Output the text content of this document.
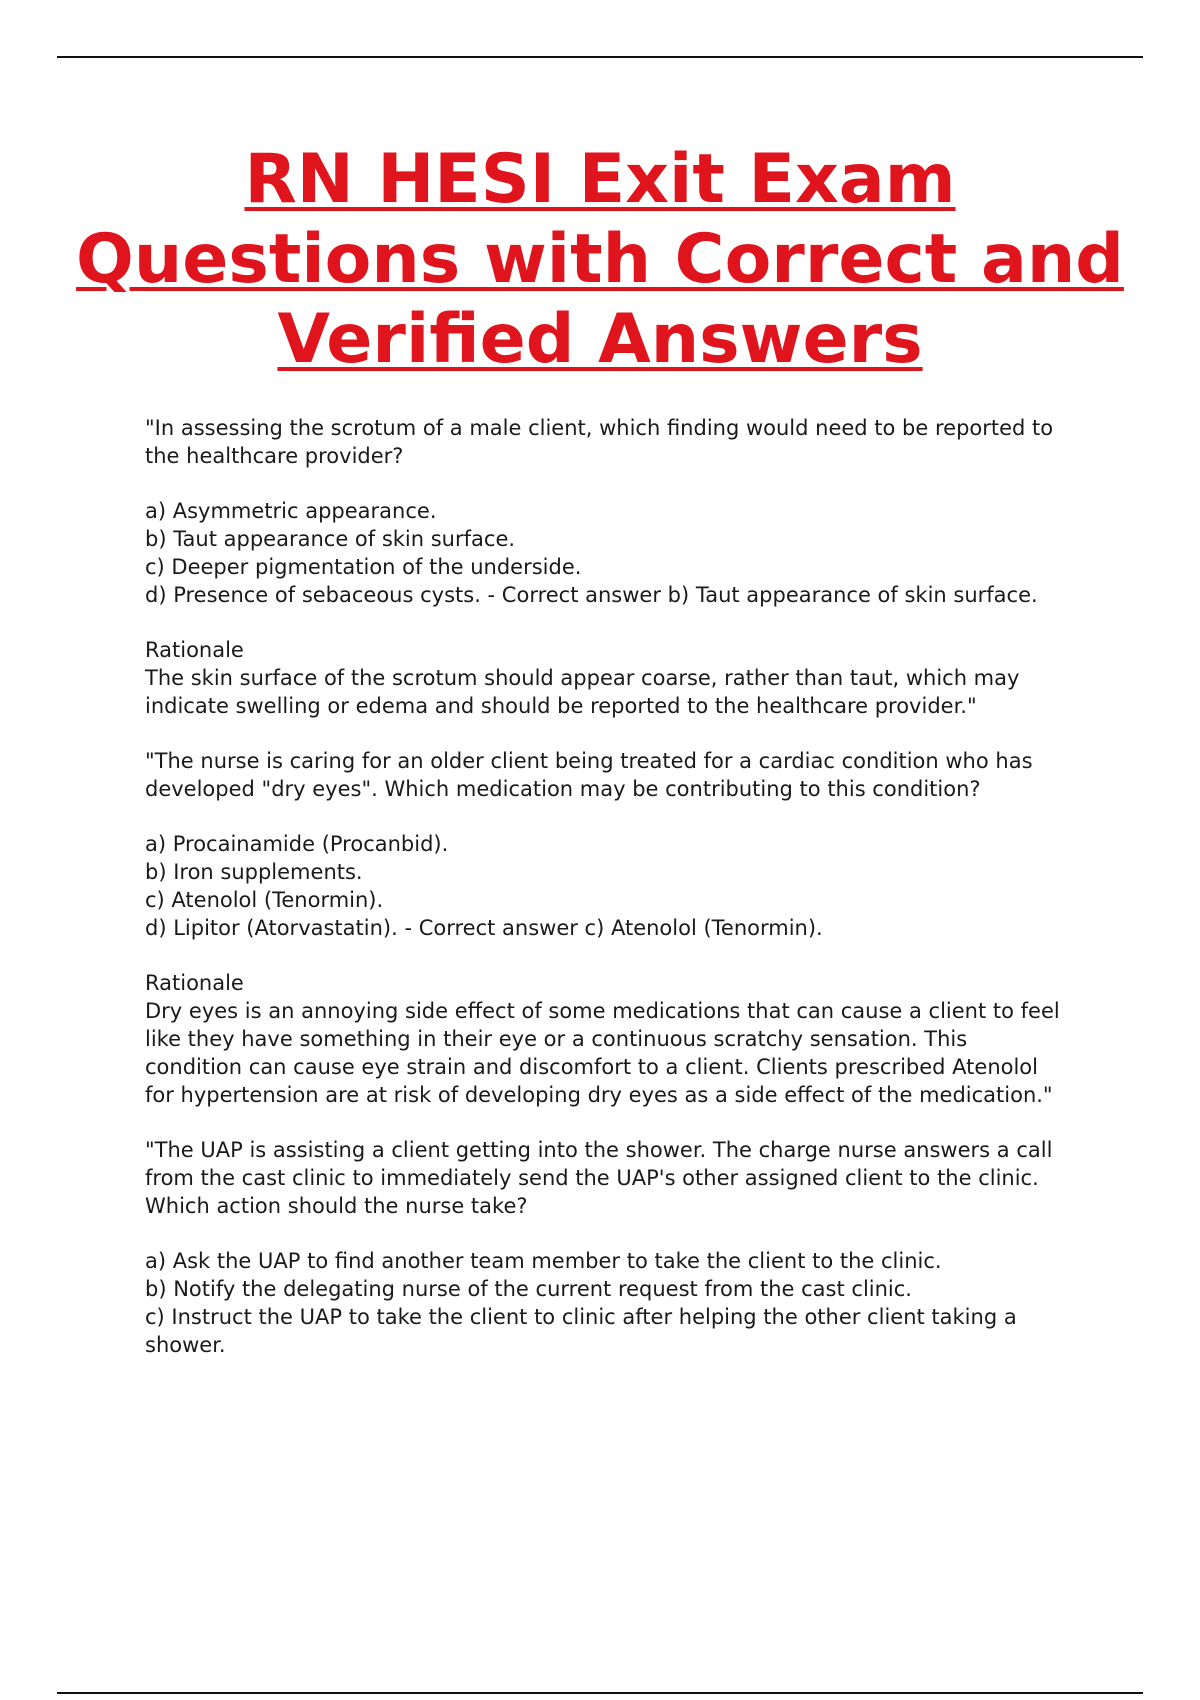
RN HESI Exit Exam Questions with Correct and Verified Answers

"In assessing the scrotum of a male client, which finding would need to be reported to the healthcare provider?

a) Asymmetric appearance.

b) Taut appearance of skin surface.

c) Deeper pigmentation of the underside.

d) Presence of sebaceous cysts. - Correct answer b) Taut appearance of skin surface.

Rationale

The skin surface of the scrotum should appear coarse, rather than taut, which may indicate swelling or edema and should be reported to the healthcare provider."

"The nurse is caring for an older client being treated for a cardiac condition who has developed "dry eyes". Which medication may be contributing to this condition?

a) Procainamide (Procanbid).

b) Iron supplements.

c) Atenolol (Tenormin).

d) Lipitor (Atorvastatin). - Correct answer c) Atenolol (Tenormin).

Rationale

Dry eyes is an annoying side effect of some medications that can cause a client to feel like they have something in their eye or a continuous scratchy sensation. This condition can cause eye strain and discomfort to a client. Clients prescribed Atenolol for hypertension are at risk of developing dry eyes as a side effect of the medication."

"The UAP is assisting a client getting into the shower. The charge nurse answers a call from the cast clinic to immediately send the UAP's other assigned client to the clinic. Which action should the nurse take?

a) Ask the UAP to find another team member to take the client to the clinic.

b) Notify the delegating nurse of the current request from the cast clinic.

c) Instruct the UAP to take the client to clinic after helping the other client taking a shower.
